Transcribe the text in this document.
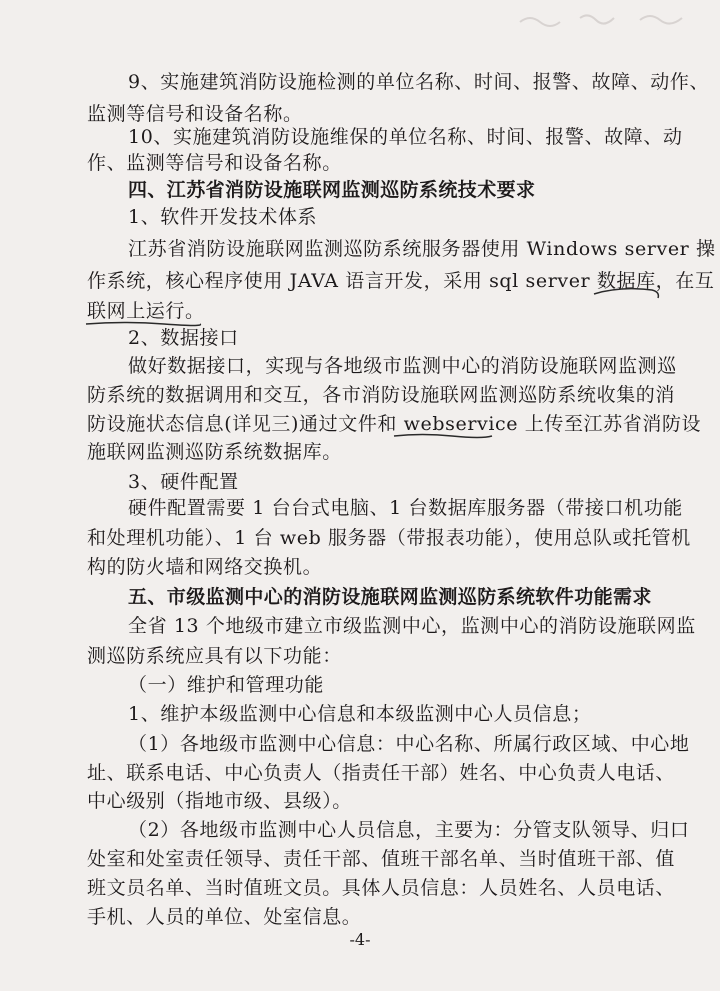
9、实施建筑消防设施检测的单位名称、时间、报警、故障、动作、
监测等信号和设备名称。
10、实施建筑消防设施维保的单位名称、时间、报警、故障、动
作、监测等信号和设备名称。
四、江苏省消防设施联网监测巡防系统技术要求
1、软件开发技术体系
江苏省消防设施联网监测巡防系统服务器使用 Windows server 操
作系统，核心程序使用 JAVA 语言开发，采用 sql server 数据库，在互
联网上运行。
2、数据接口
做好数据接口，实现与各地级市监测中心的消防设施联网监测巡
防系统的数据调用和交互，各市消防设施联网监测巡防系统收集的消
防设施状态信息(详见三)通过文件和 webservice 上传至江苏省消防设
施联网监测巡防系统数据库。
3、硬件配置
硬件配置需要 1 台台式电脑、1 台数据库服务器（带接口机功能
和处理机功能）、1 台 web 服务器（带报表功能），使用总队或托管机
构的防火墙和网络交换机。
五、市级监测中心的消防设施联网监测巡防系统软件功能需求
全省 13 个地级市建立市级监测中心，监测中心的消防设施联网监
测巡防系统应具有以下功能：
（一）维护和管理功能
1、维护本级监测中心信息和本级监测中心人员信息；
（1）各地级市监测中心信息：中心名称、所属行政区域、中心地
址、联系电话、中心负责人（指责任干部）姓名、中心负责人电话、
中心级别（指地市级、县级）。
（2）各地级市监测中心人员信息，主要为：分管支队领导、归口
处室和处室责任领导、责任干部、值班干部名单、当时值班干部、值
班文员名单、当时值班文员。具体人员信息：人员姓名、人员电话、
手机、人员的单位、处室信息。
-4-
